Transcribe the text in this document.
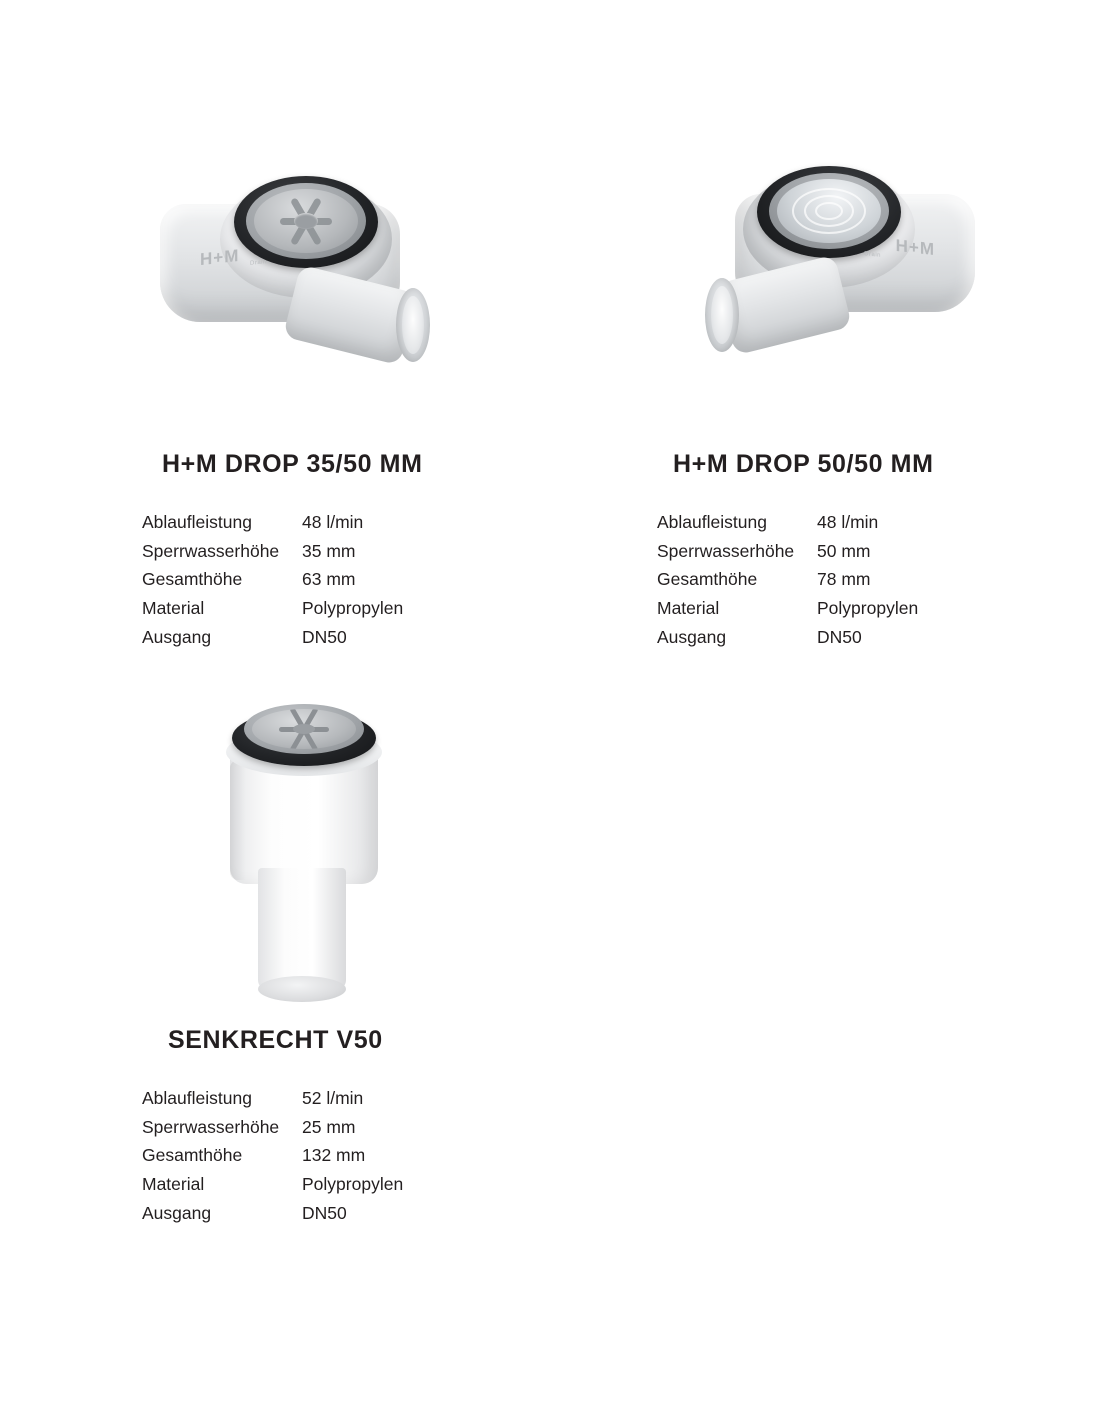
H+M Drain
H+M DROP 35/50 MM
Ablaufleistung	48 l/min
Sperrwasserhöhe	35 mm
Gesamthöhe	63 mm
Material	Polypropylen
Ausgang	DN50
H+M
Drain
H+M DROP 50/50 MM
Ablaufleistung	48 l/min
Sperrwasserhöhe	50 mm
Gesamthöhe	78 mm
Material	Polypropylen
Ausgang	DN50
SENKRECHT V50
Ablaufleistung	52 l/min
Sperrwasserhöhe	25 mm
Gesamthöhe	132 mm
Material	Polypropylen
Ausgang	DN50
